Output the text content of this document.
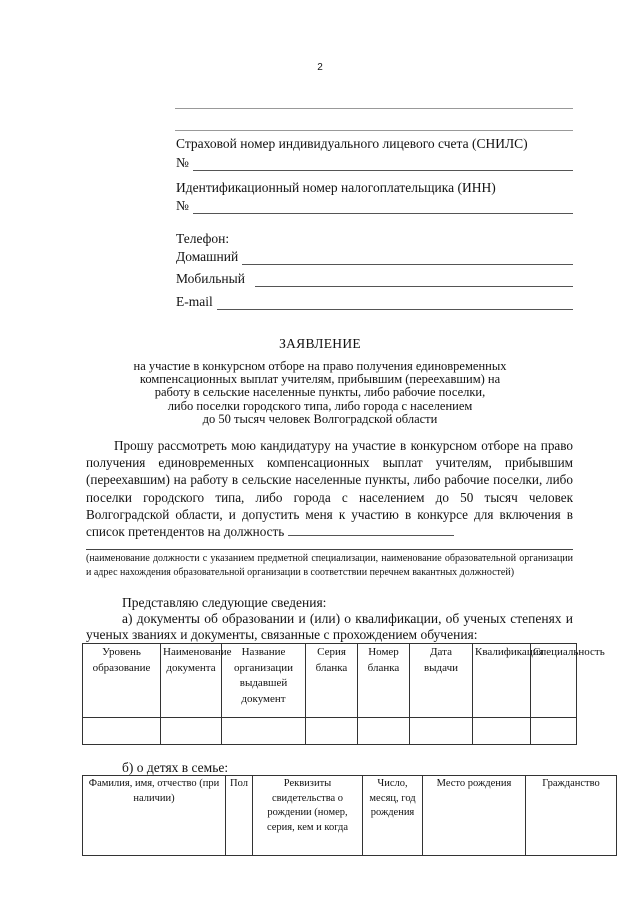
2
Страховой номер индивидуального лицевого счета (СНИЛС)
№
Идентификационный номер налогоплательщика (ИНН)
№
Телефон:
Домашний
Мобильный
E-mail
ЗАЯВЛЕНИЕ
на участие в конкурсном отборе на право получения единовременных
компенсационных выплат учителям, прибывшим (переехавшим) на
работу в сельские населенные пункты, либо рабочие поселки,
либо поселки городского типа, либо города с населением
до 50 тысяч человек Волгоградской области
Прошу рассмотреть мою кандидатуру на участие в конкурсном отборе на право получения единовременных компенсационных выплат учителям, прибывшим (переехавшим) на работу в сельские населенные пункты, либо рабочие поселки, либо поселки городского типа, либо города с населением до 50 тысяч человек Волгоградской области, и допустить меня к участию в конкурсе для включения в список претендентов на должность
(наименование должности с указанием предметной специализации, наименование образовательной организации и адрес нахождения образовательной организации в соответствии перечнем вакантных должностей)
Представляю следующие сведения:
а) документы об образовании и (или) о квалификации, об ученых степенях и ученых званиях и документы, связанные с прохождением обучения:
Уровень образование	Наименование документа	Название организации выдавшей документ	Серия бланка	Номер бланка	Дата выдачи	Квалификация	Специальность

б) о детях в семье:
Фамилия, имя, отчество (при наличии)	Пол	Реквизиты свидетельства о рождении (номер, серия, кем и когда	Число, месяц, год рождения	Место рождения	Гражданство
